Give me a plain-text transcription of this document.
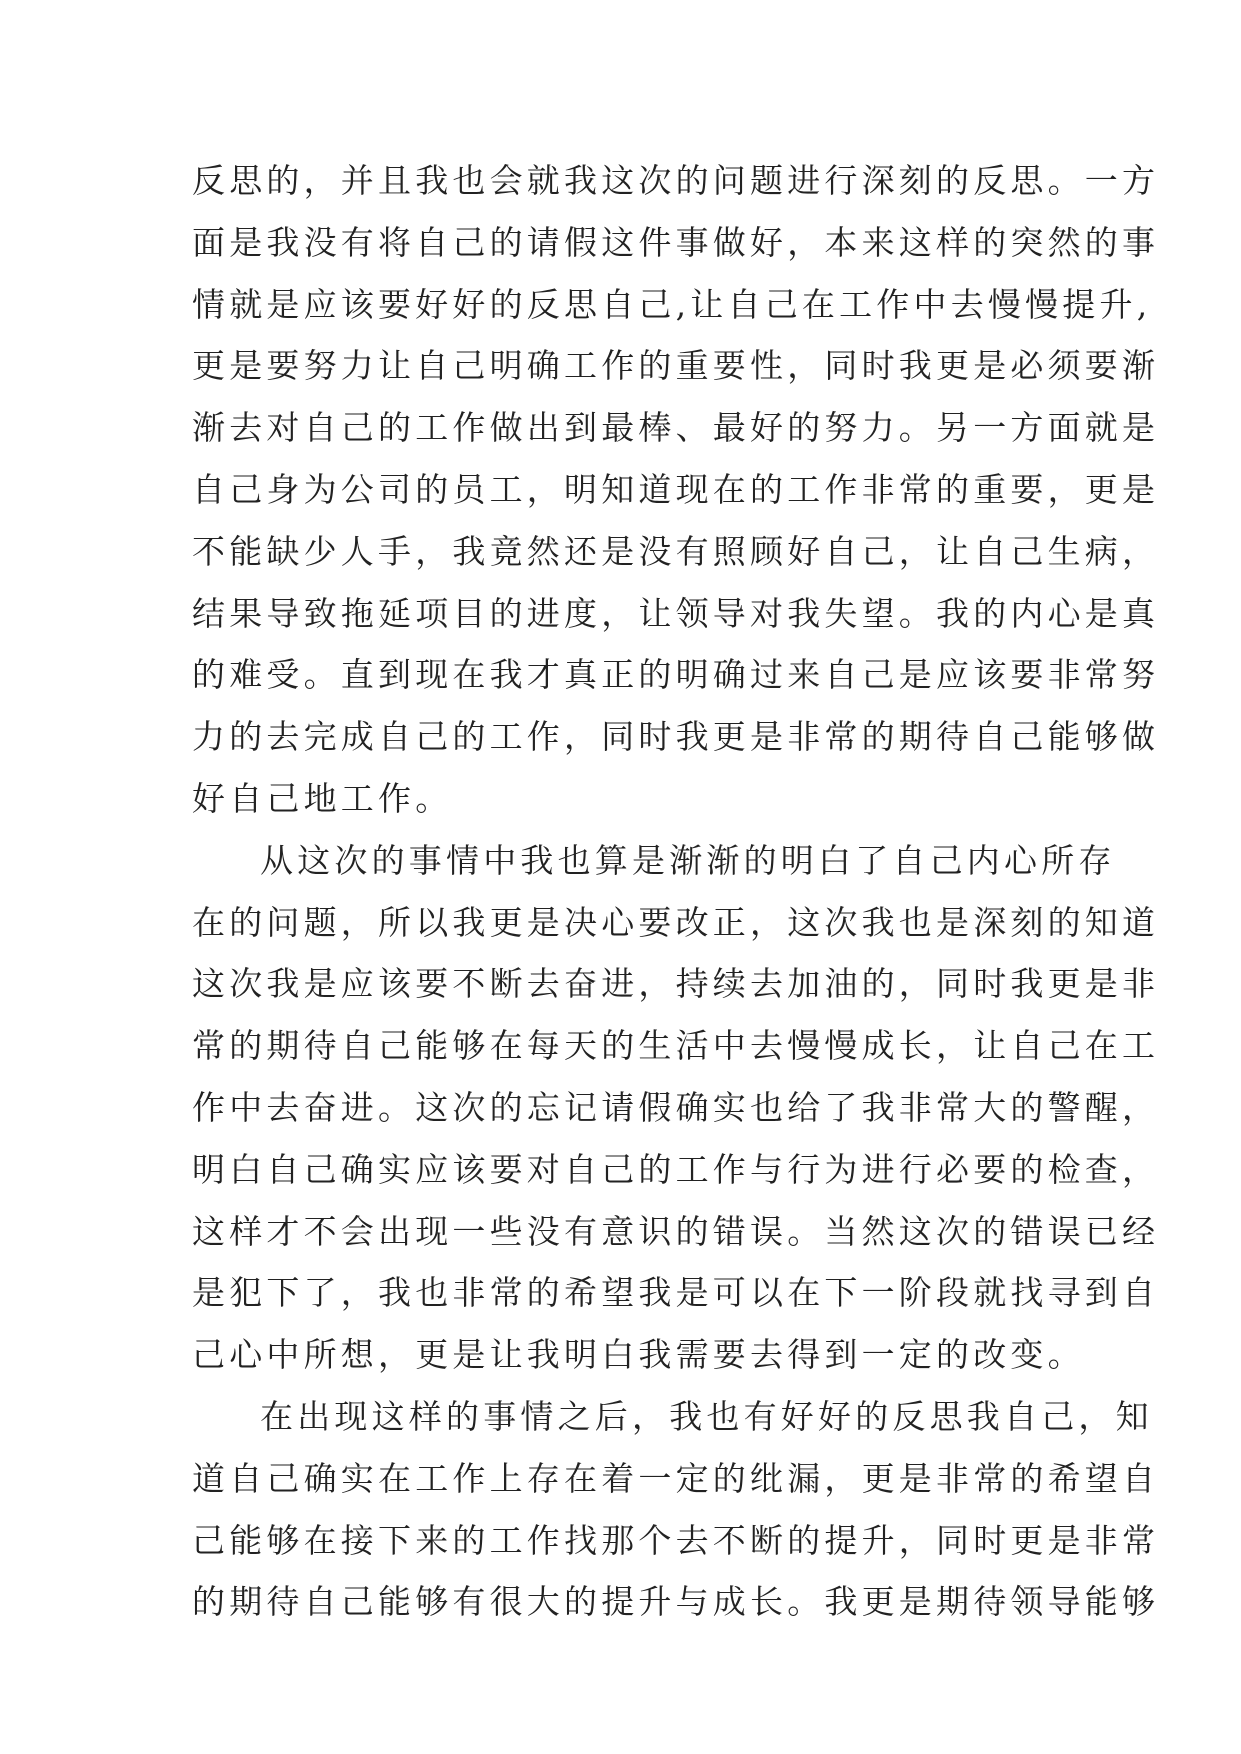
反思的，并且我也会就我这次的问题进行深刻的反思。一方
面是我没有将自己的请假这件事做好，本来这样的突然的事
情就是应该要好好的反思自己,让自己在工作中去慢慢提升,
更是要努力让自己明确工作的重要性，同时我更是必须要渐
渐去对自己的工作做出到最棒、最好的努力。另一方面就是
自己身为公司的员工，明知道现在的工作非常的重要，更是
不能缺少人手，我竟然还是没有照顾好自己，让自己生病，
结果导致拖延项目的进度，让领导对我失望。我的内心是真
的难受。直到现在我才真正的明确过来自己是应该要非常努
力的去完成自己的工作，同时我更是非常的期待自己能够做
好自己地工作。
从这次的事情中我也算是渐渐的明白了自己内心所存
在的问题，所以我更是决心要改正，这次我也是深刻的知道
这次我是应该要不断去奋进，持续去加油的，同时我更是非
常的期待自己能够在每天的生活中去慢慢成长，让自己在工
作中去奋进。这次的忘记请假确实也给了我非常大的警醒，
明白自己确实应该要对自己的工作与行为进行必要的检查，
这样才不会出现一些没有意识的错误。当然这次的错误已经
是犯下了，我也非常的希望我是可以在下一阶段就找寻到自
己心中所想，更是让我明白我需要去得到一定的改变。
在出现这样的事情之后，我也有好好的反思我自己，知
道自己确实在工作上存在着一定的纰漏，更是非常的希望自
己能够在接下来的工作找那个去不断的提升，同时更是非常
的期待自己能够有很大的提升与成长。我更是期待领导能够
